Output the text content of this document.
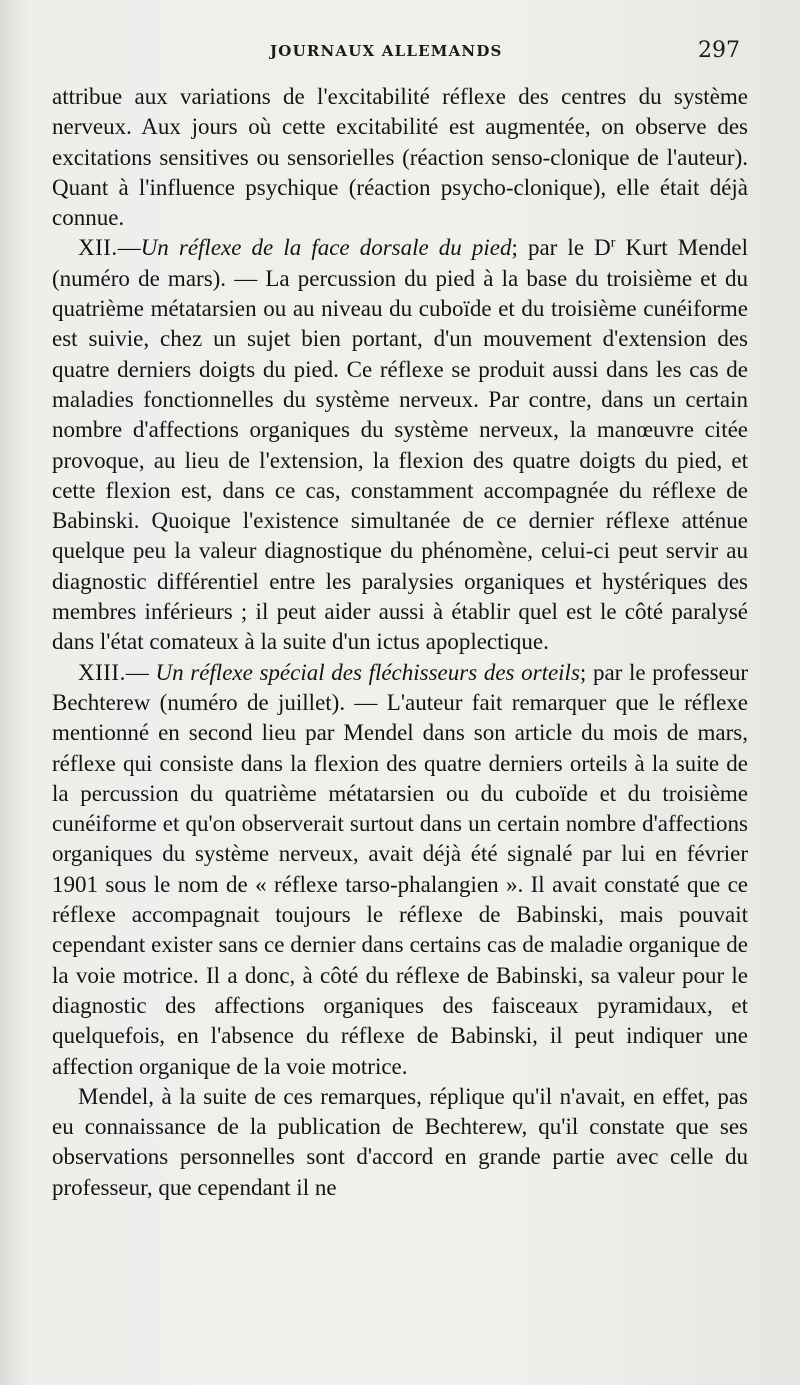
JOURNAUX ALLEMANDS	297

attribue aux variations de l'excitabilité réflexe des centres du système nerveux. Aux jours où cette excitabilité est augmentée, on observe des excitations sensitives ou sensorielles (réaction senso-clonique de l'auteur). Quant à l'influence psychique (réaction psycho-clonique), elle était déjà connue.

XII.—Un réflexe de la face dorsale du pied; par le $D^r$ Kurt Mendel (numéro de mars). — La percussion du pied à la base du troisième et du quatrième métatarsien ou au niveau du cuboïde et du troisième cunéiforme est suivie, chez un sujet bien portant, d'un mouvement d'extension des quatre derniers doigts du pied. Ce réflexe se produit aussi dans les cas de maladies fonctionnelles du système nerveux. Par contre, dans un certain nombre d'affections organiques du système nerveux, la manœuvre citée provoque, au lieu de l'extension, la flexion des quatre doigts du pied, et cette flexion est, dans ce cas, constamment accompagnée du réflexe de Babinski. Quoique l'existence simultanée de ce dernier réflexe atténue quelque peu la valeur diagnostique du phénomène, celui-ci peut servir au diagnostic différentiel entre les paralysies organiques et hystériques des membres inférieurs ; il peut aider aussi à établir quel est le côté paralysé dans l'état comateux à la suite d'un ictus apoplectique.

XIII.— Un réflexe spécial des fléchisseurs des orteils; par le professeur Bechterew (numéro de juillet). — L'auteur fait remarquer que le réflexe mentionné en second lieu par Mendel dans son article du mois de mars, réflexe qui consiste dans la flexion des quatre derniers orteils à la suite de la percussion du quatrième métatarsien ou du cuboïde et du troisième cunéiforme et qu'on observerait surtout dans un certain nombre d'affections organiques du système nerveux, avait déjà été signalé par lui en février 1901 sous le nom de « réflexe tarso-phalangien ». Il avait constaté que ce réflexe accompagnait toujours le réflexe de Babinski, mais pouvait cependant exister sans ce dernier dans certains cas de maladie organique de la voie motrice. Il a donc, à côté du réflexe de Babinski, sa valeur pour le diagnostic des affections organiques des faisceaux pyramidaux, et quelquefois, en l'absence du réflexe de Babinski, il peut indiquer une affection organique de la voie motrice.

Mendel, à la suite de ces remarques, réplique qu'il n'avait, en effet, pas eu connaissance de la publication de Bechterew, qu'il constate que ses observations personnelles sont d'accord en grande partie avec celle du professeur, que cependant il ne
